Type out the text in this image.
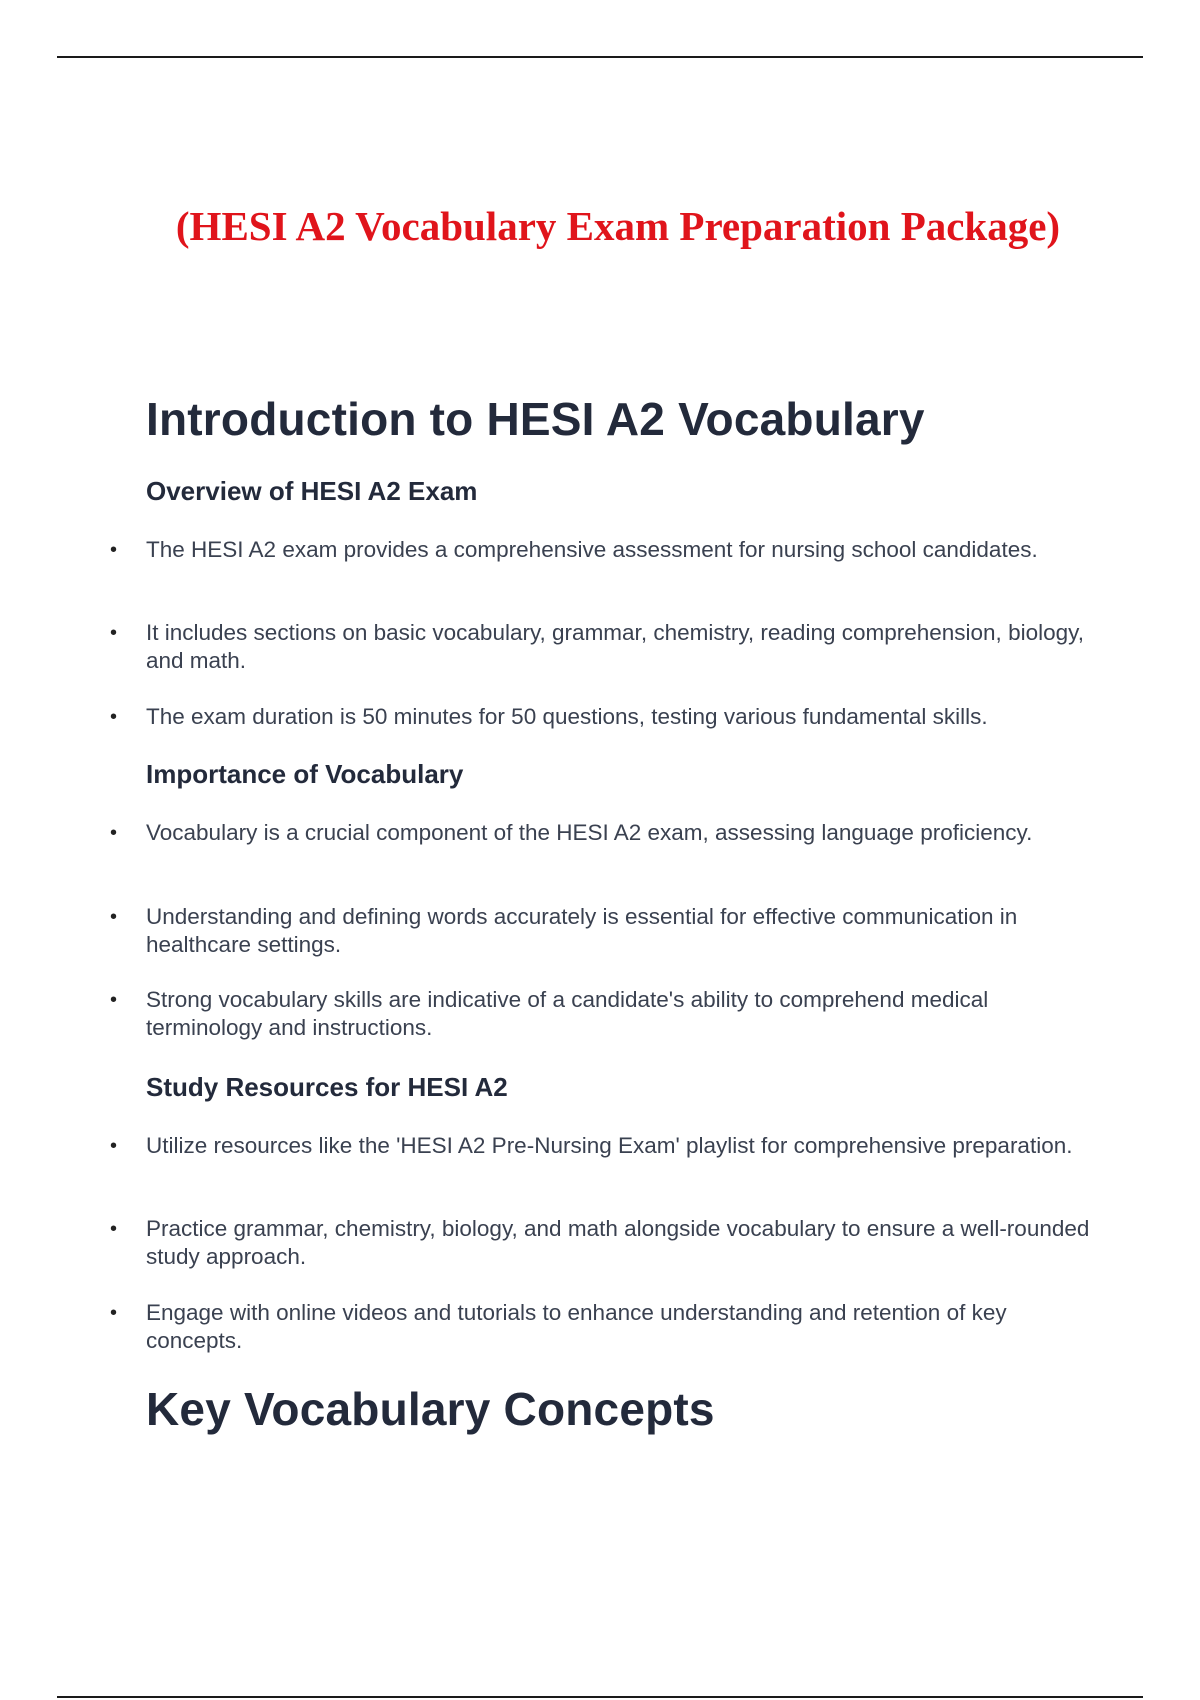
(HESI A2 Vocabulary Exam Preparation Package)
Introduction to HESI A2 Vocabulary
Overview of HESI A2 Exam

• The HESI A2 exam provides a comprehensive assessment for nursing school candidates.

• It includes sections on basic vocabulary, grammar, chemistry, reading comprehension, biology, and math.

• The exam duration is 50 minutes for 50 questions, testing various fundamental skills.

Importance of Vocabulary

• Vocabulary is a crucial component of the HESI A2 exam, assessing language proficiency.

• Understanding and defining words accurately is essential for effective communication in healthcare settings.

• Strong vocabulary skills are indicative of a candidate's ability to comprehend medical terminology and instructions.

Study Resources for HESI A2

• Utilize resources like the 'HESI A2 Pre-Nursing Exam' playlist for comprehensive preparation.

• Practice grammar, chemistry, biology, and math alongside vocabulary to ensure a well-rounded study approach.

• Engage with online videos and tutorials to enhance understanding and retention of key concepts.

Key Vocabulary Concepts
